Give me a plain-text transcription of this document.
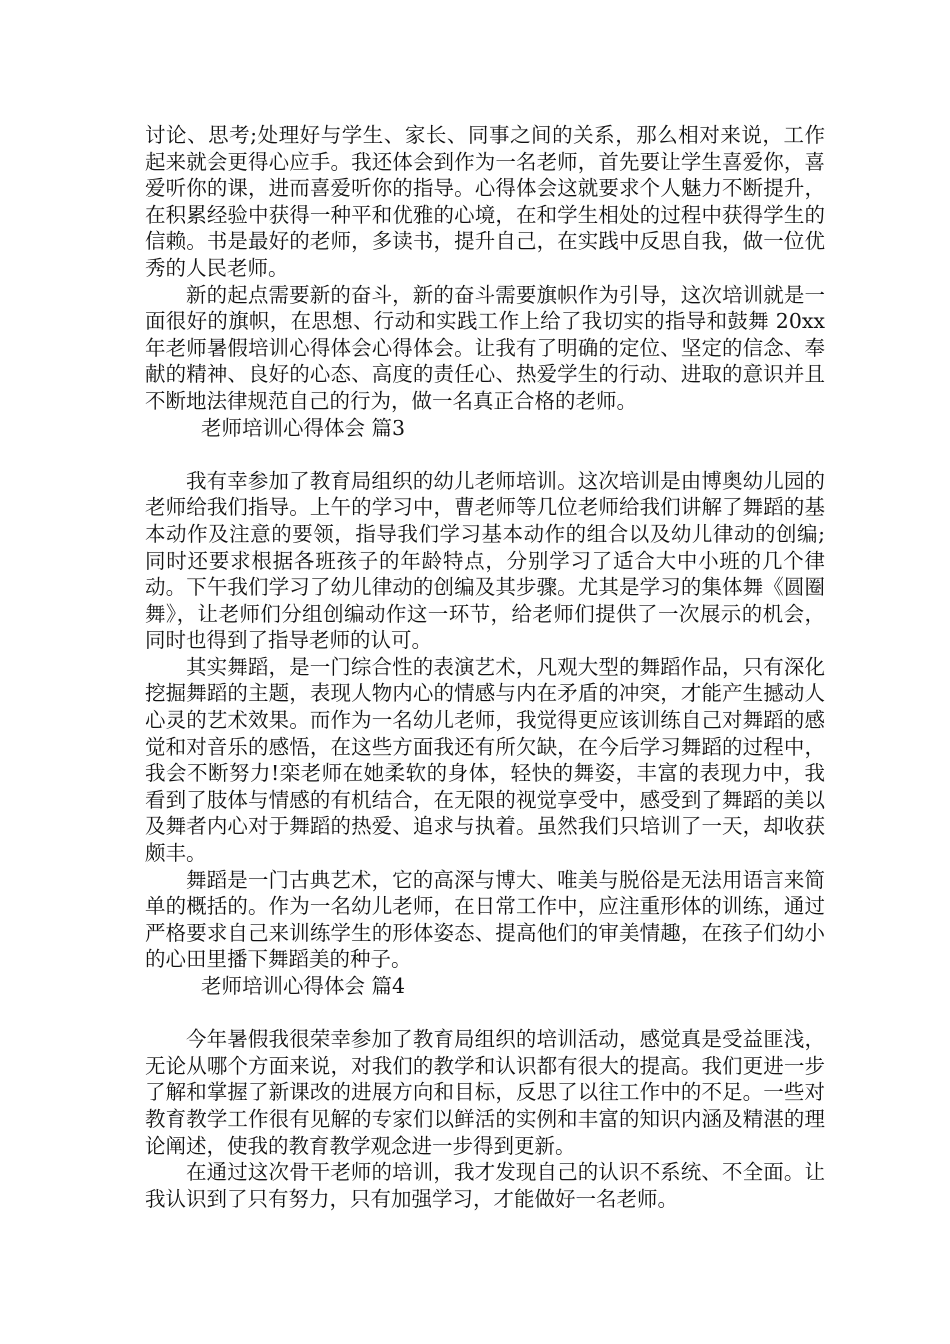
讨论、思考;处理好与学生、家长、同事之间的关系，那么相对来说，工作起来就会更得心应手。我还体会到作为一名老师，首先要让学生喜爱你，喜爱听你的课，进而喜爱听你的指导。心得体会这就要求个人魅力不断提升，在积累经验中获得一种平和优雅的心境，在和学生相处的过程中获得学生的信赖。书是最好的老师，多读书，提升自己，在实践中反思自我，做一位优秀的人民老师。

新的起点需要新的奋斗，新的奋斗需要旗帜作为引导，这次培训就是一面很好的旗帜，在思想、行动和实践工作上给了我切实的指导和鼓舞 20xx 年老师暑假培训心得体会心得体会。让我有了明确的定位、坚定的信念、奉献的精神、良好的心态、高度的责任心、热爱学生的行动、进取的意识并且不断地法律规范自己的行为，做一名真正合格的老师。

老师培训心得体会 篇3

我有幸参加了教育局组织的幼儿老师培训。这次培训是由博奥幼儿园的老师给我们指导。上午的学习中，曹老师等几位老师给我们讲解了舞蹈的基本动作及注意的要领，指导我们学习基本动作的组合以及幼儿律动的创编;同时还要求根据各班孩子的年龄特点，分别学习了适合大中小班的几个律动。下午我们学习了幼儿律动的创编及其步骤。尤其是学习的集体舞《圆圈舞》，让老师们分组创编动作这一环节，给老师们提供了一次展示的机会，同时也得到了指导老师的认可。

其实舞蹈，是一门综合性的表演艺术，凡观大型的舞蹈作品，只有深化挖掘舞蹈的主题，表现人物内心的情感与内在矛盾的冲突，才能产生撼动人心灵的艺术效果。而作为一名幼儿老师，我觉得更应该训练自己对舞蹈的感觉和对音乐的感悟，在这些方面我还有所欠缺，在今后学习舞蹈的过程中，我会不断努力!栾老师在她柔软的身体，轻快的舞姿，丰富的表现力中，我看到了肢体与情感的有机结合，在无限的视觉享受中，感受到了舞蹈的美以及舞者内心对于舞蹈的热爱、追求与执着。虽然我们只培训了一天，却收获颇丰。

舞蹈是一门古典艺术，它的高深与博大、唯美与脱俗是无法用语言来简单的概括的。作为一名幼儿老师，在日常工作中，应注重形体的训练，通过严格要求自己来训练学生的形体姿态、提高他们的审美情趣，在孩子们幼小的心田里播下舞蹈美的种子。

老师培训心得体会 篇4

今年暑假我很荣幸参加了教育局组织的培训活动，感觉真是受益匪浅，无论从哪个方面来说，对我们的教学和认识都有很大的提高。我们更进一步了解和掌握了新课改的进展方向和目标，反思了以往工作中的不足。一些对教育教学工作很有见解的专家们以鲜活的实例和丰富的知识内涵及精湛的理论阐述，使我的教育教学观念进一步得到更新。

在通过这次骨干老师的培训，我才发现自己的认识不系统、不全面。让我认识到了只有努力，只有加强学习，才能做好一名老师。
